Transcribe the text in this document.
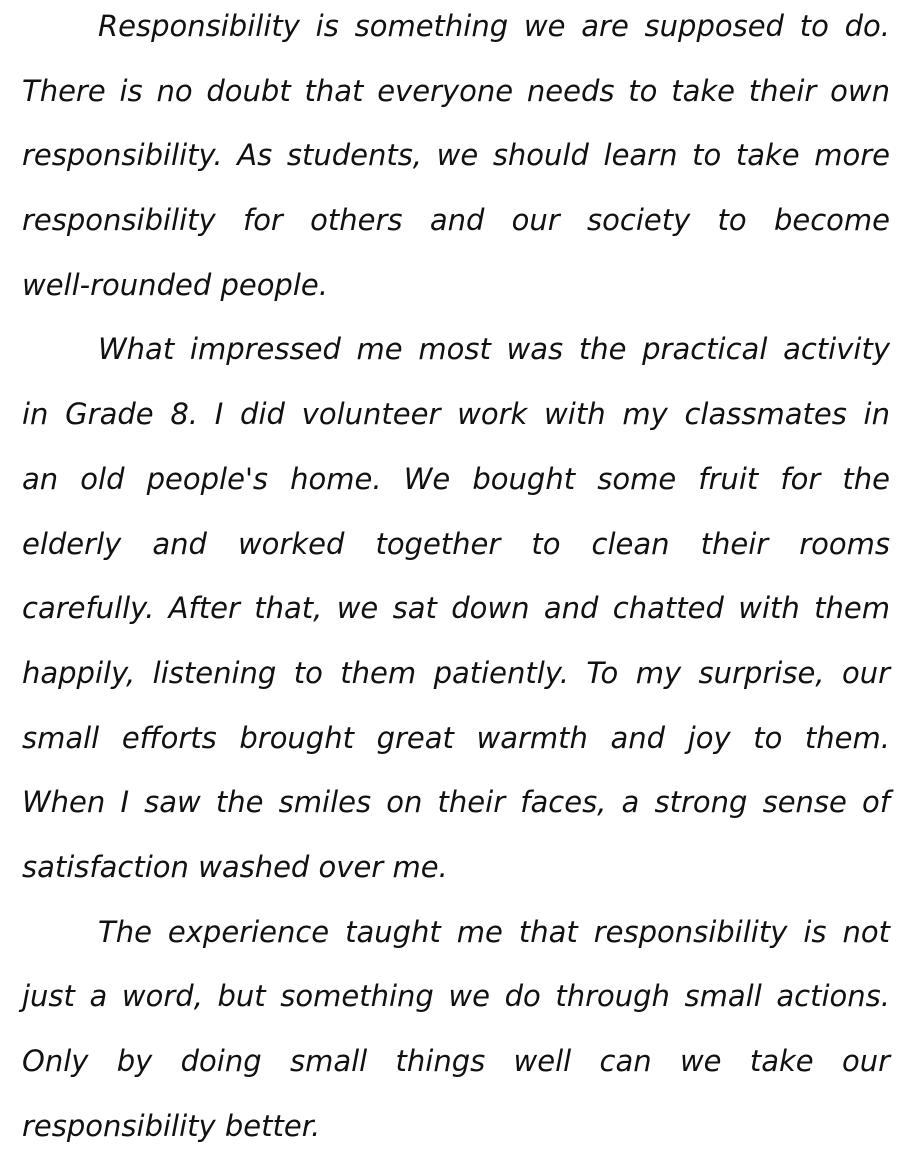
Responsibility is something we are supposed to do.
There is no doubt that everyone needs to take their own
responsibility. As students, we should learn to take more
responsibility for others and our society to become
well-rounded people.
What impressed me most was the practical activity
in Grade 8. I did volunteer work with my classmates in
an old people's home. We bought some fruit for the
elderly and worked together to clean their rooms
carefully. After that, we sat down and chatted with them
happily, listening to them patiently. To my surprise, our
small efforts brought great warmth and joy to them.
When I saw the smiles on their faces, a strong sense of
satisfaction washed over me.
The experience taught me that responsibility is not
just a word, but something we do through small actions.
Only by doing small things well can we take our
responsibility better.
